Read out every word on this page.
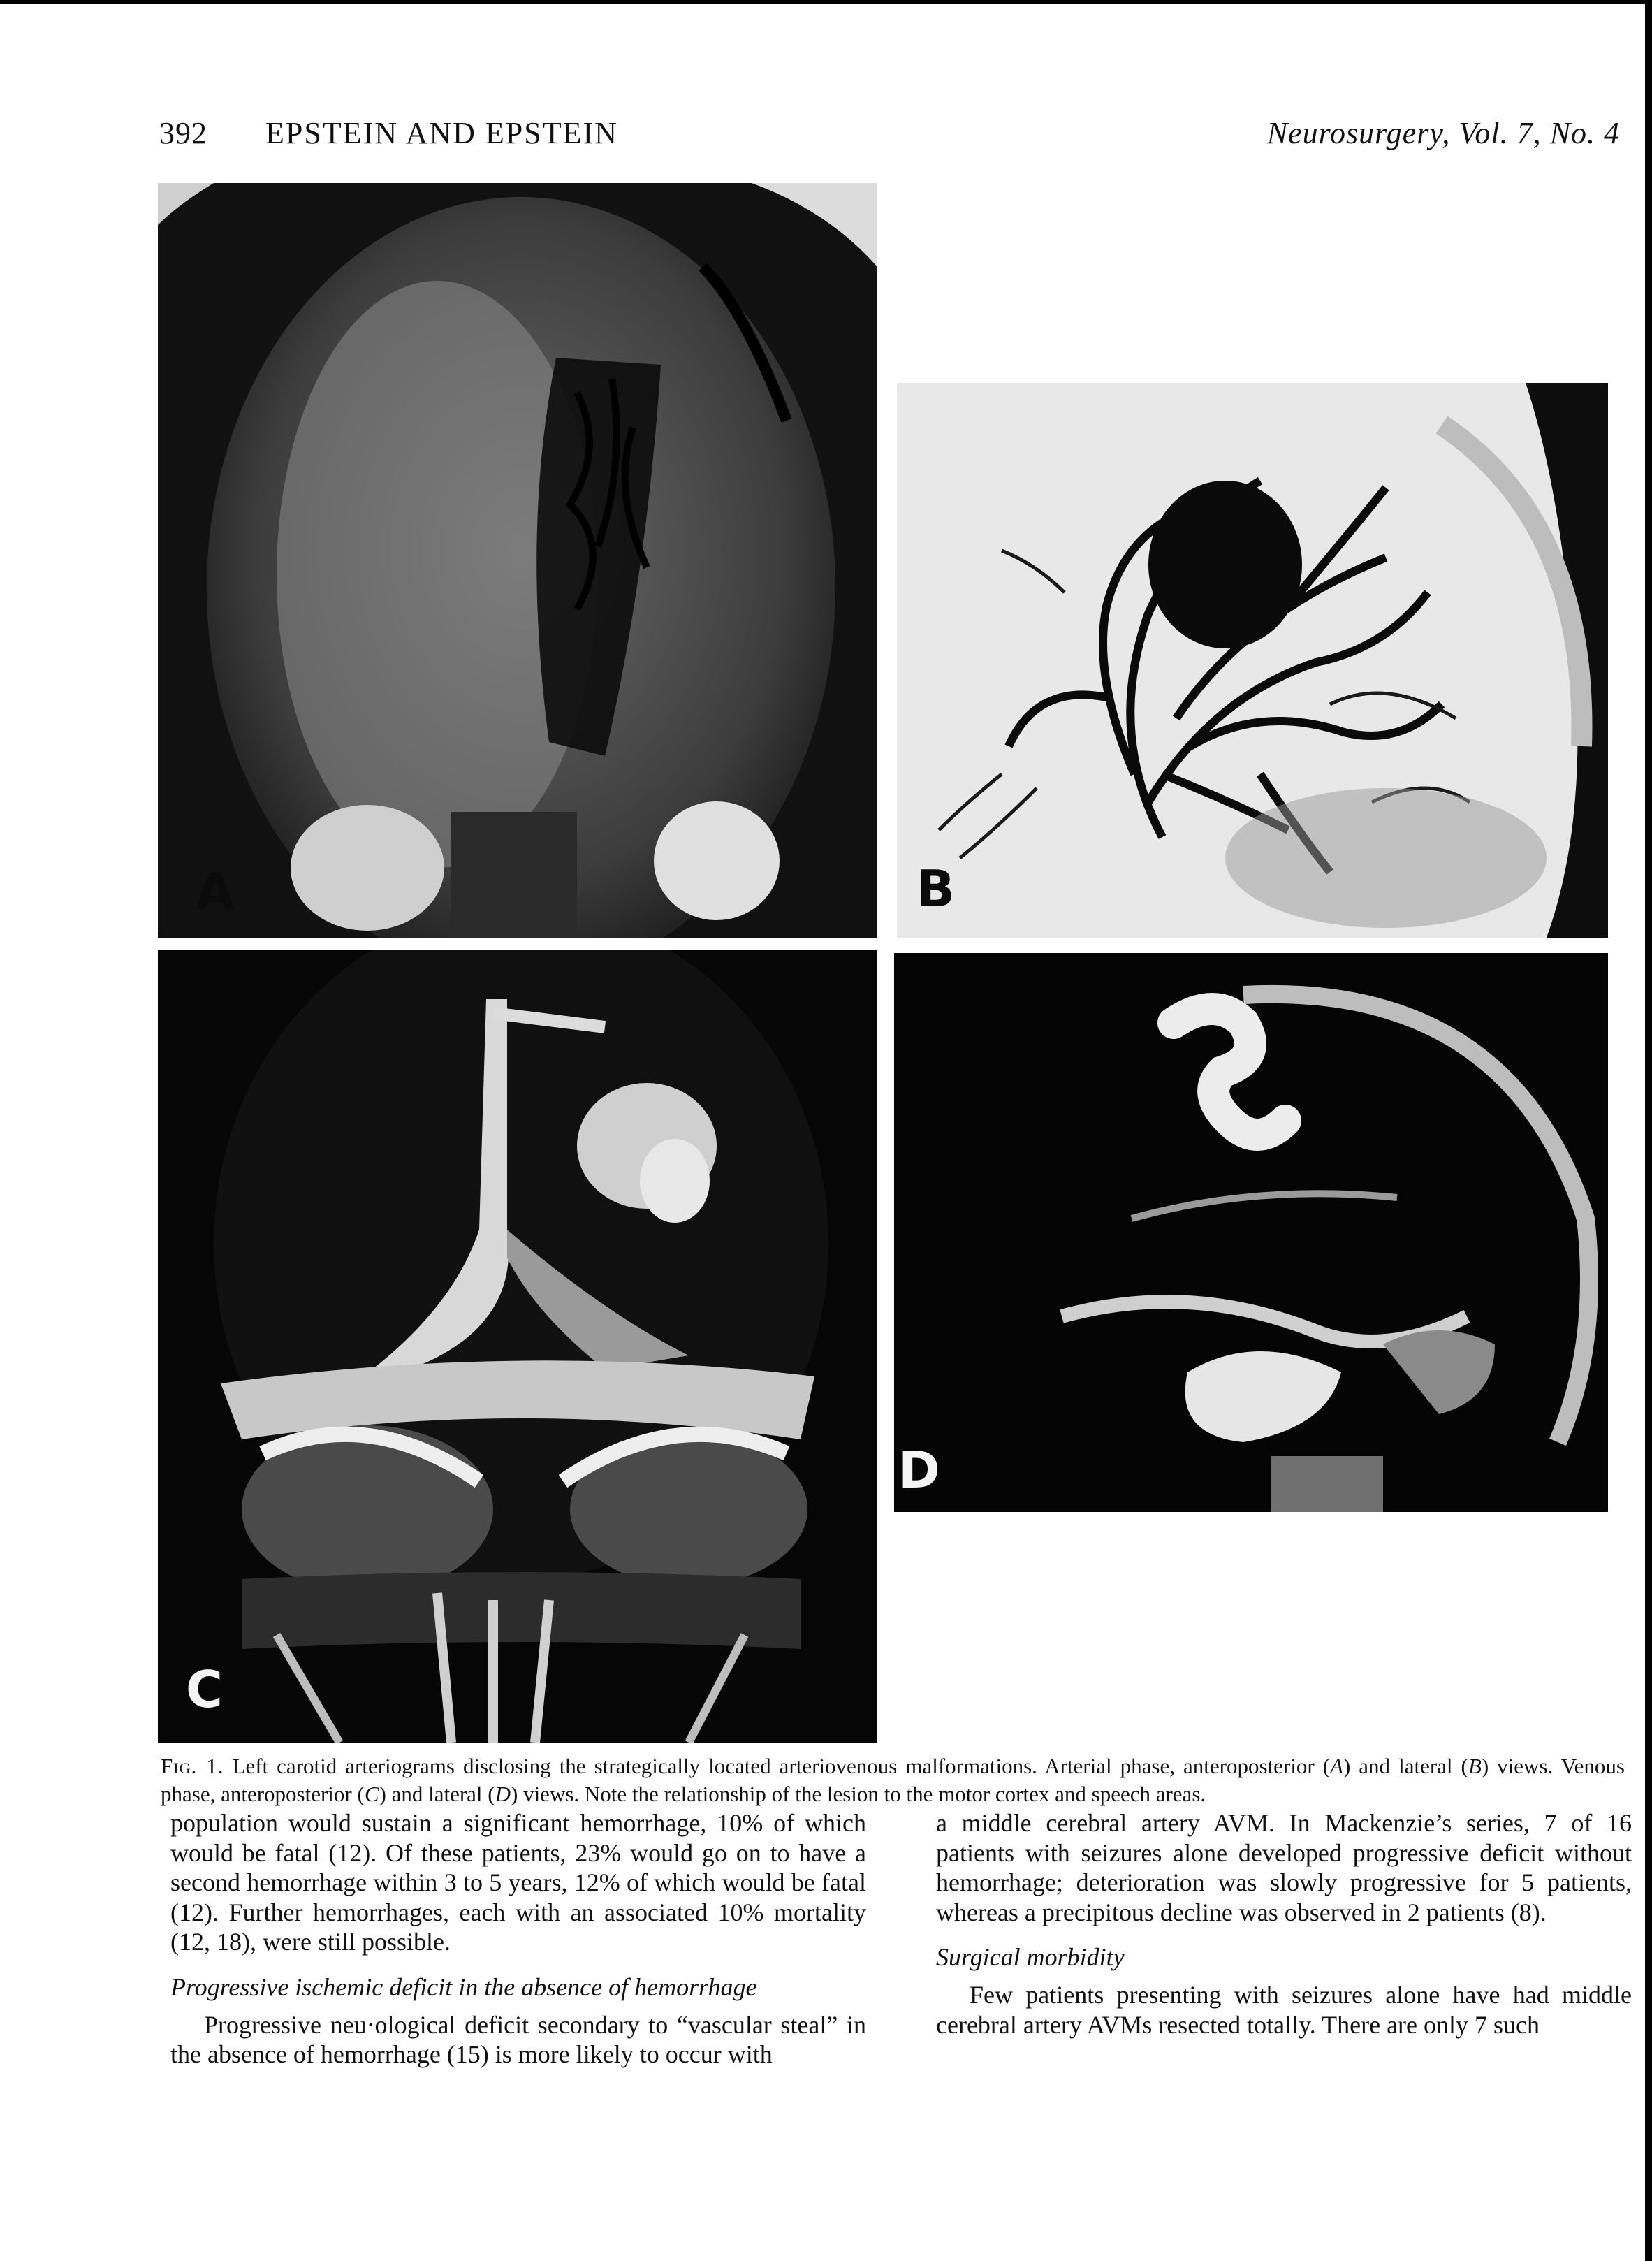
392 EPSTEIN AND EPSTEIN	Neurosurgery, Vol. 7, No. 4
A	B
C
D
Fig. 1. Left carotid arteriograms disclosing the strategically located arteriovenous malformations. Arterial phase, anteroposterior (A) and lateral (B) views. Venous phase, anteroposterior (C) and lateral (D) views. Note the relationship of the lesion to the motor cortex and speech areas.

population would sustain a significant hemorrhage, 10% of which would be fatal (12). Of these patients, 23% would go on to have a second hemorrhage within 3 to 5 years, 12% of which would be fatal (12). Further hemorrhages, each with an associated 10% mortality (12, 18), were still possible.

Progressive ischemic deficit in the absence of hemorrhage

Progressive neu·ological deficit secondary to “vascular steal” in the absence of hemorrhage (15) is more likely to occur with

a middle cerebral artery AVM. In Mackenzie’s series, 7 of 16 patients with seizures alone developed progressive deficit without hemorrhage; deterioration was slowly progressive for 5 patients, whereas a precipitous decline was observed in 2 patients (8).

Surgical morbidity

Few patients presenting with seizures alone have had middle cerebral artery AVMs resected totally. There are only 7 such
